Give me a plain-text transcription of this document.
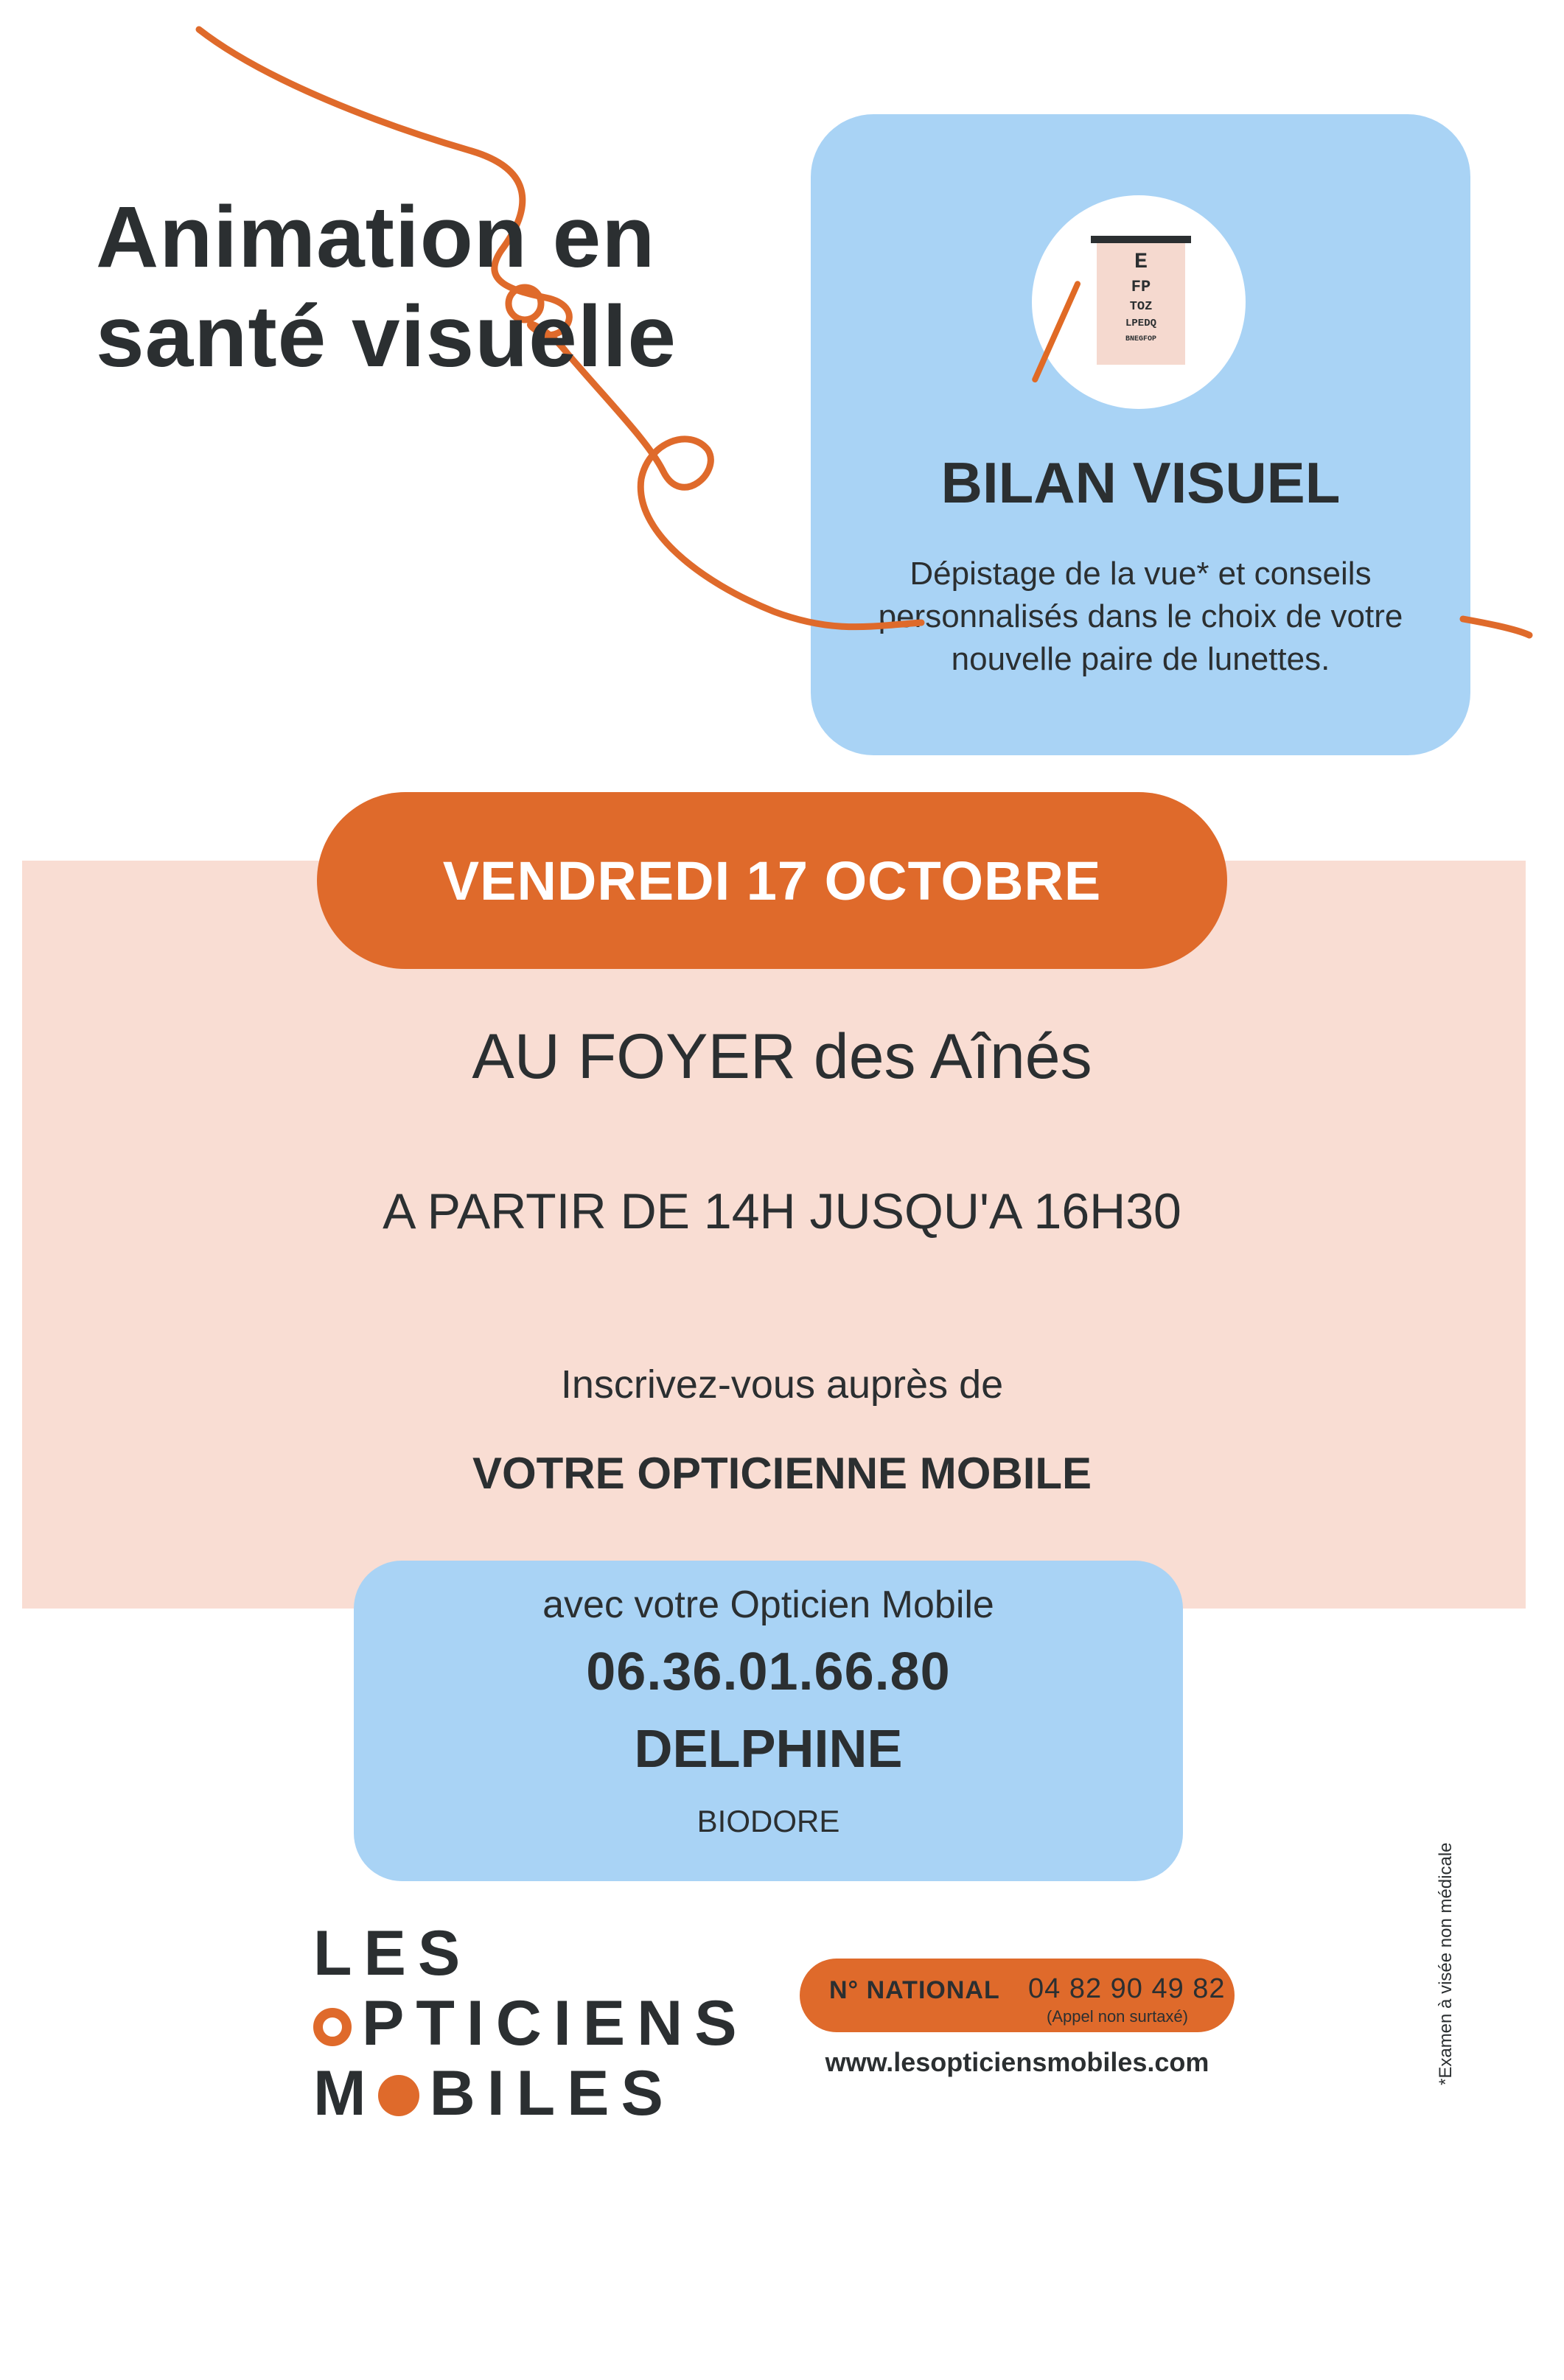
Animation en
santé visuelle
E
FP
TOZ
LPEDQ
BNEGFOP
BILAN VISUEL
Dépistage de la vue* et conseils personnalisés dans le choix de votre nouvelle paire de lunettes.
VENDREDI 17 OCTOBRE
AU FOYER des Aînés
A PARTIR DE 14H JUSQU'A 16H30
Inscrivez-vous auprès de
VOTRE OPTICIENNE MOBILE
avec votre Opticien Mobile
06.36.01.66.80
DELPHINE
BIODORE
LES
PTICIENS
M BILES
N° NATIONAL 04 82 90 49 82
(Appel non surtaxé)
www.lesopticiensmobiles.com	*Examen à visée non médicale
